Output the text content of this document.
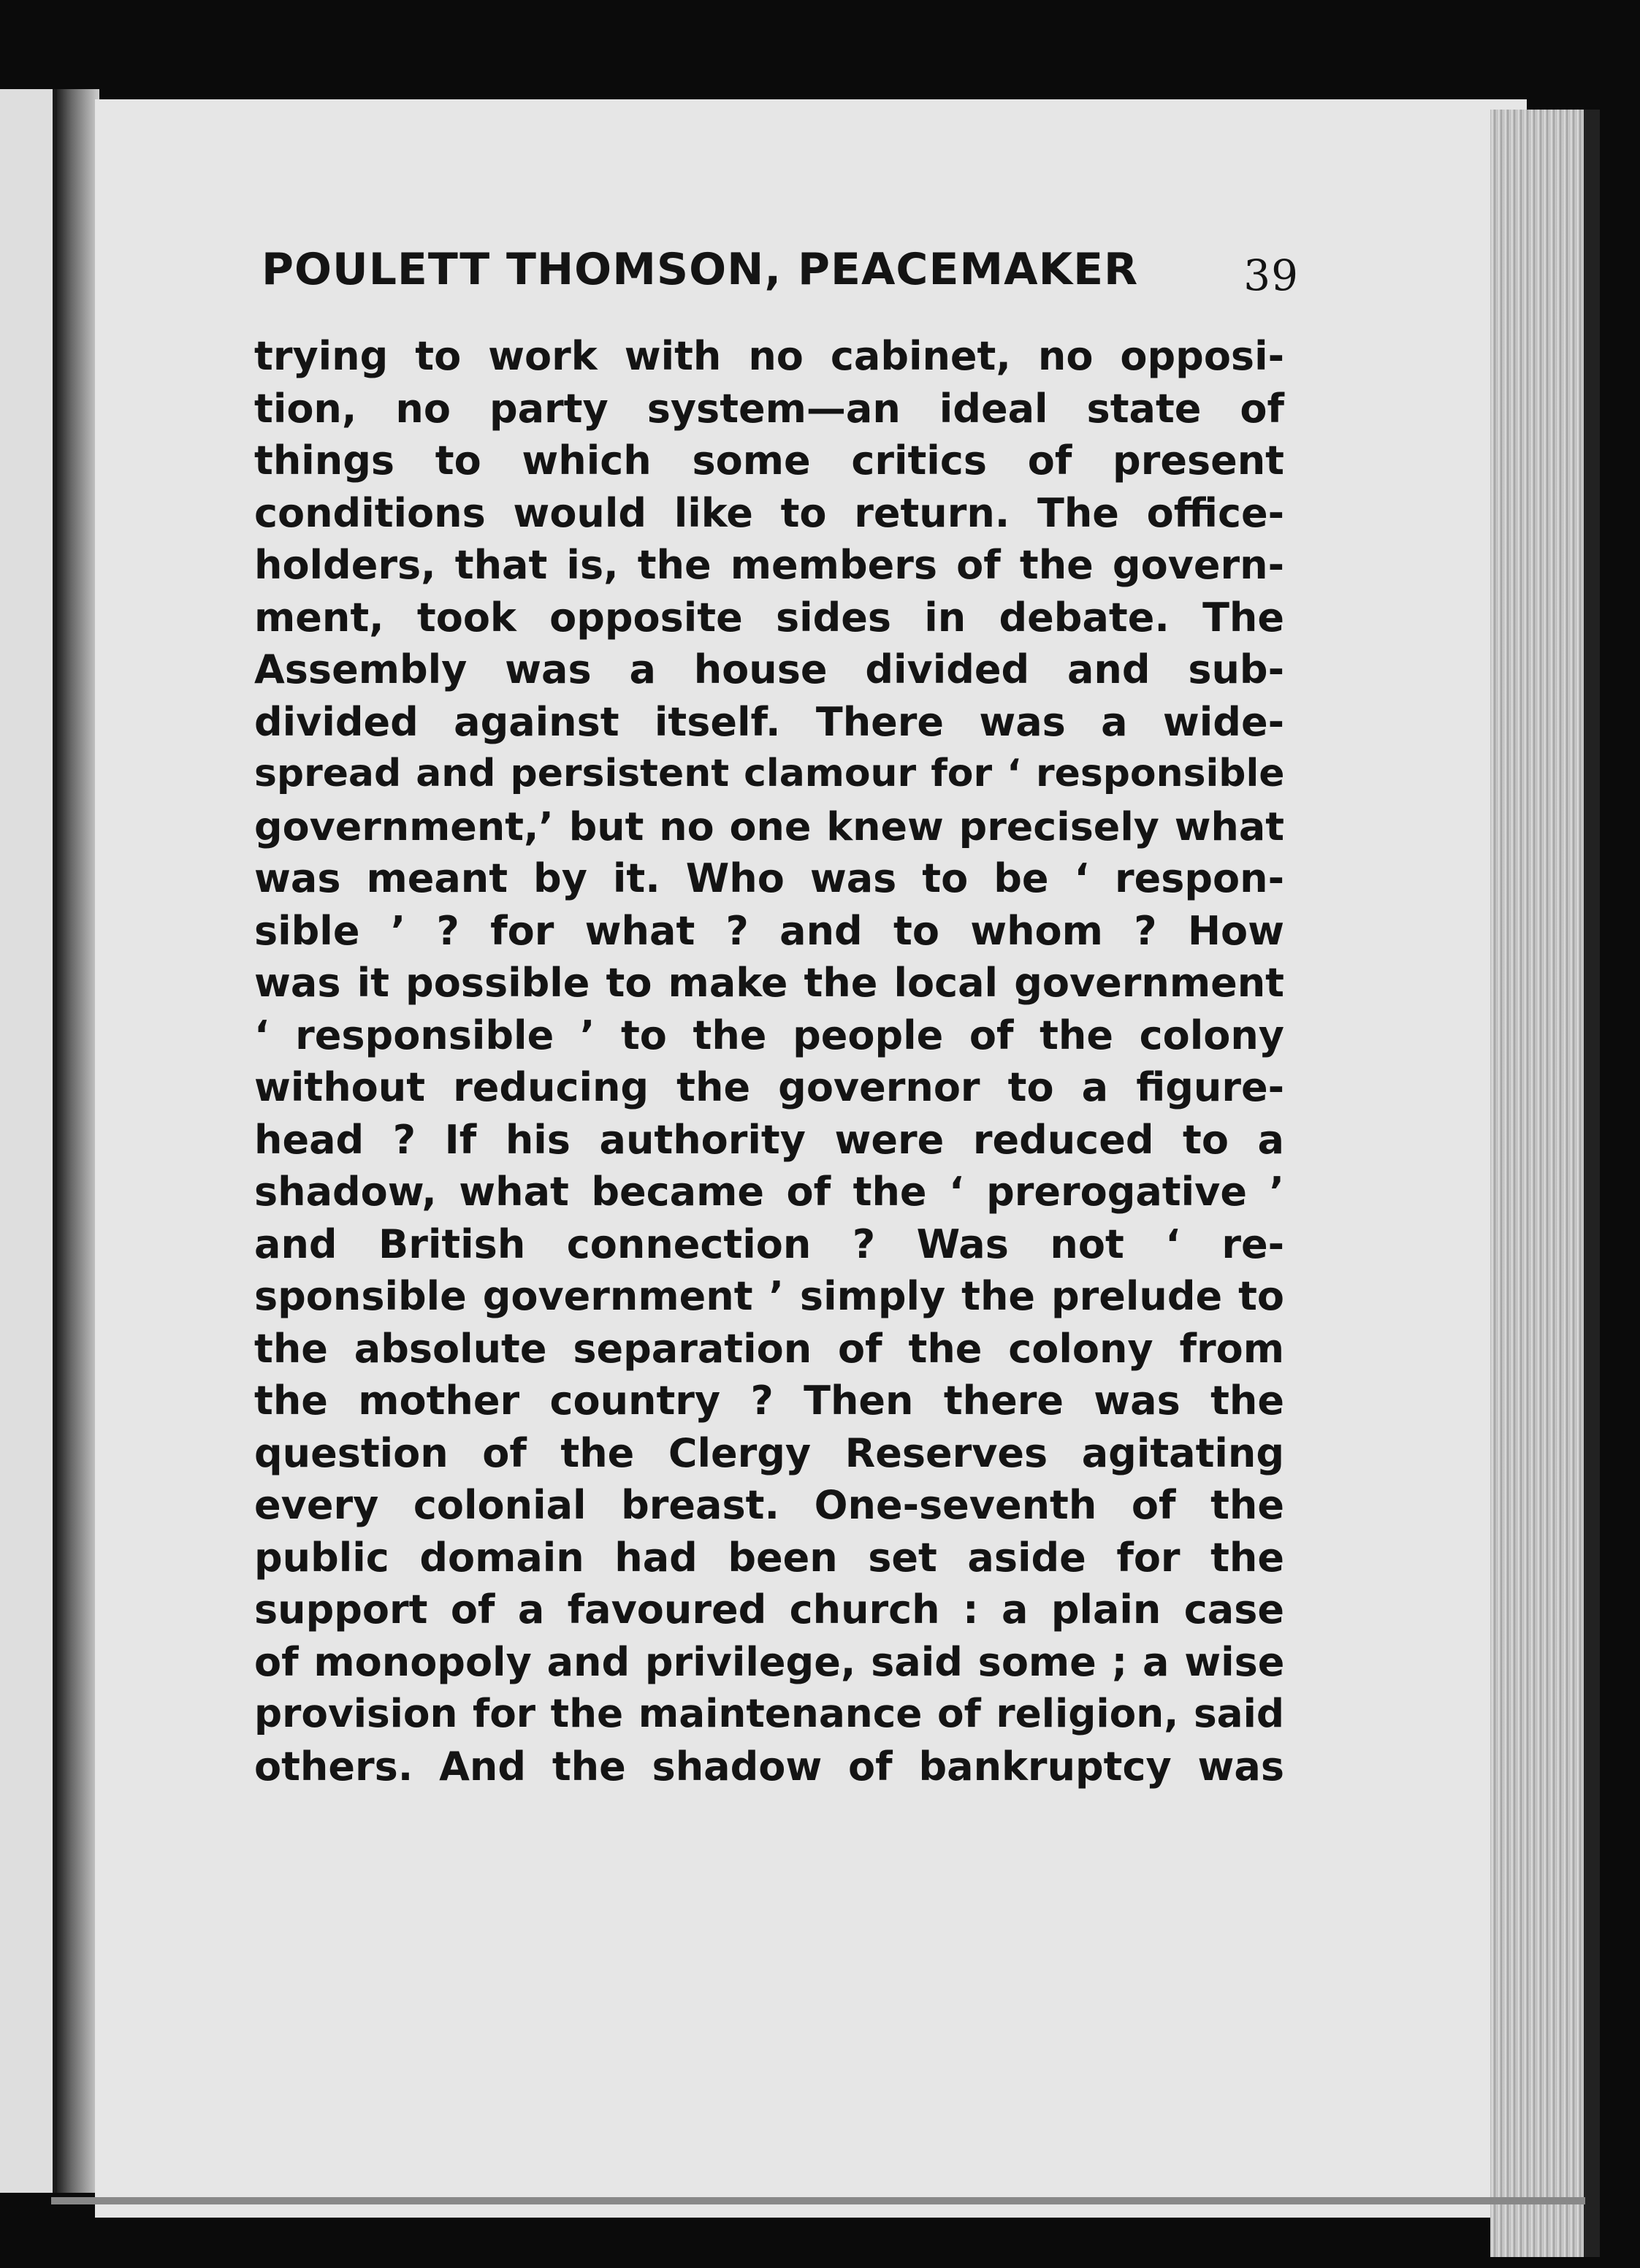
POULETT THOMSON, PEACEMAKER 39
trying to work with no cabinet, no opposi-
tion, no party system—an ideal state of
things to which some critics of present
conditions would like to return. The office-
holders, that is, the members of the govern-
ment, took opposite sides in debate. The
Assembly was a house divided and sub-
divided against itself. There was a wide-
spread and persistent clamour for ‘ responsible
government,’ but no one knew precisely what
was meant by it. Who was to be ‘ respon-
sible ’ ? for what ? and to whom ? How
was it possible to make the local government
‘ responsible ’ to the people of the colony
without reducing the governor to a figure-
head ? If his authority were reduced to a
shadow, what became of the ‘ prerogative ’
and British connection ? Was not ‘ re-
sponsible government ’ simply the prelude to
the absolute separation of the colony from
the mother country ? Then there was the
question of the Clergy Reserves agitating
every colonial breast. One-seventh of the
public domain had been set aside for the
support of a favoured church : a plain case
of monopoly and privilege, said some ; a wise
provision for the maintenance of religion, said
others. And the shadow of bankruptcy was
